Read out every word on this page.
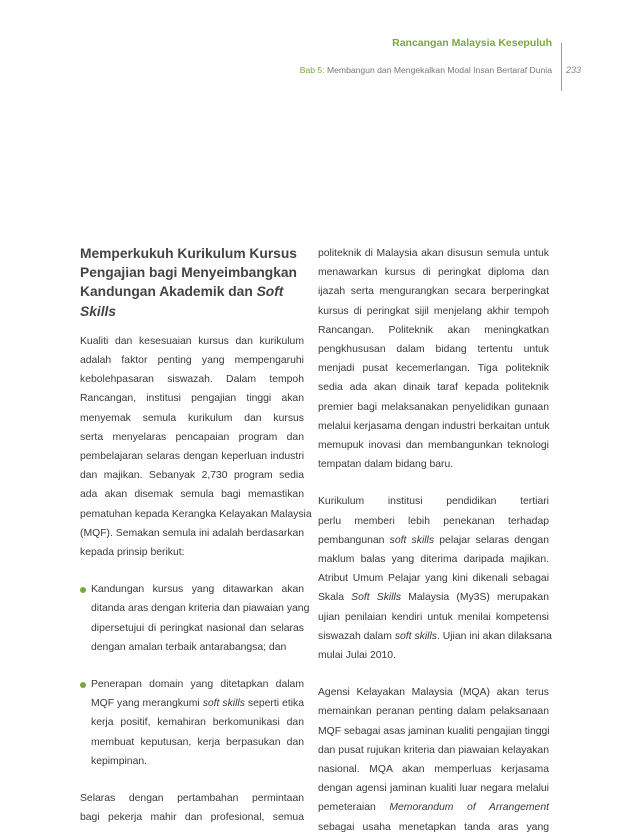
Rancangan Malaysia Kesepuluh
Bab 5: Membangun dan Mengekalkan Modal Insan Bertaraf Dunia 233
Memperkukuh Kurikulum Kursus
Pengajian bagi Menyeimbangkan
Kandungan Akademik dan Soft
Skills
Kualiti dan kesesuaian kursus dan kurikulum
adalah faktor penting yang mempengaruhi
kebolehpasaran siswazah. Dalam tempoh
Rancangan, institusi pengajian tinggi akan
menyemak semula kurikulum dan kursus
serta menyelaras pencapaian program dan
pembelajaran selaras dengan keperluan industri
dan majikan. Sebanyak 2,730 program sedia
ada akan disemak semula bagi memastikan
pematuhan kepada Kerangka Kelayakan Malaysia
(MQF). Semakan semula ini adalah berdasarkan
kepada prinsip berikut:
Kandungan kursus yang ditawarkan akan
ditanda aras dengan kriteria dan piawaian yang
dipersetujui di peringkat nasional dan selaras
dengan amalan terbaik antarabangsa; dan
Penerapan domain yang ditetapkan dalam
MQF yang merangkumi soft skills seperti etika
kerja positif, kemahiran berkomunikasi dan
membuat keputusan, kerja berpasukan dan
kepimpinan.
Selaras dengan pertambahan permintaan
bagi pekerja mahir dan profesional, semua
politeknik di Malaysia akan disusun semula untuk
menawarkan kursus di peringkat diploma dan
ijazah serta mengurangkan secara berperingkat
kursus di peringkat sijil menjelang akhir tempoh
Rancangan. Politeknik akan meningkatkan
pengkhususan dalam bidang tertentu untuk
menjadi pusat kecemerlangan. Tiga politeknik
sedia ada akan dinaik taraf kepada politeknik
premier bagi melaksanakan penyelidikan gunaan
melalui kerjasama dengan industri berkaitan untuk
memupuk inovasi dan membangunkan teknologi
tempatan dalam bidang baru.
Kurikulum institusi pendidikan tertiari
perlu memberi lebih penekanan terhadap
pembangunan soft skills pelajar selaras dengan
maklum balas yang diterima daripada majikan.
Atribut Umum Pelajar yang kini dikenali sebagai
Skala Soft Skills Malaysia (My3S) merupakan
ujian penilaian kendiri untuk menilai kompetensi
siswazah dalam soft skills. Ujian ini akan dilaksana
mulai Julai 2010.
Agensi Kelayakan Malaysia (MQA) akan terus
memainkan peranan penting dalam pelaksanaan
MQF sebagai asas jaminan kualiti pengajian tinggi
dan pusat rujukan kriteria dan piawaian kelayakan
nasional. MQA akan memperluas kerjasama
dengan agensi jaminan kualiti luar negara melalui
pemeteraian Memorandum of Arrangement
sebagai usaha menetapkan tanda aras yang
